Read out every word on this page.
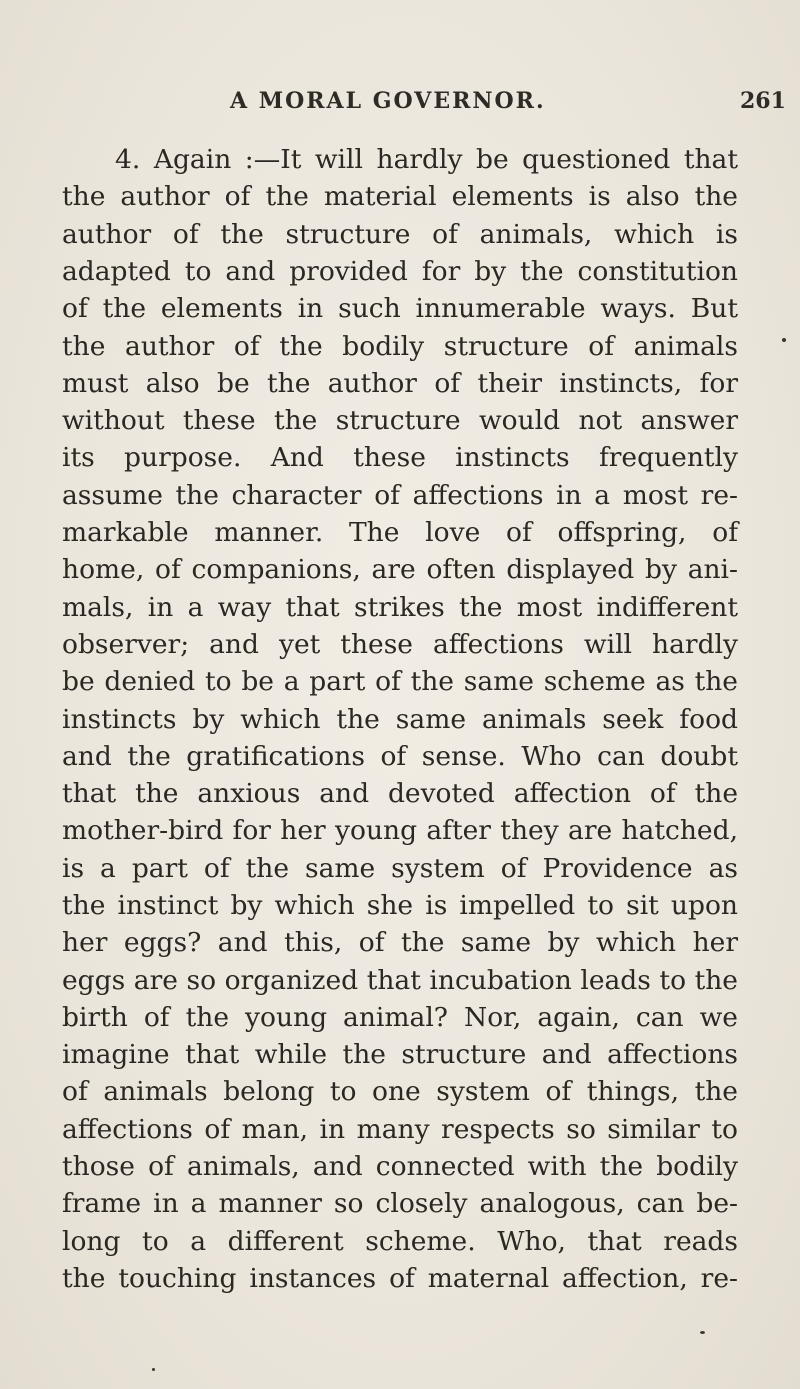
A MORAL GOVERNOR.	261
4. Again :—It will hardly be questioned that
the author of the material elements is also the
author of the structure of animals, which is
adapted to and provided for by the constitution
of the elements in such innumerable ways. But
the author of the bodily structure of animals
must also be the author of their instincts, for
without these the structure would not answer
its purpose. And these instincts frequently
assume the character of affections in a most re-
markable manner. The love of offspring, of
home, of companions, are often displayed by ani-
mals, in a way that strikes the most indifferent
observer; and yet these affections will hardly
be denied to be a part of the same scheme as the
instincts by which the same animals seek food
and the gratifications of sense. Who can doubt
that the anxious and devoted affection of the
mother-bird for her young after they are hatched,
is a part of the same system of Providence as
the instinct by which she is impelled to sit upon
her eggs? and this, of the same by which her
eggs are so organized that incubation leads to the
birth of the young animal? Nor, again, can we
imagine that while the structure and affections
of animals belong to one system of things, the
affections of man, in many respects so similar to
those of animals, and connected with the bodily
frame in a manner so closely analogous, can be-
long to a different scheme. Who, that reads
the touching instances of maternal affection, re-
